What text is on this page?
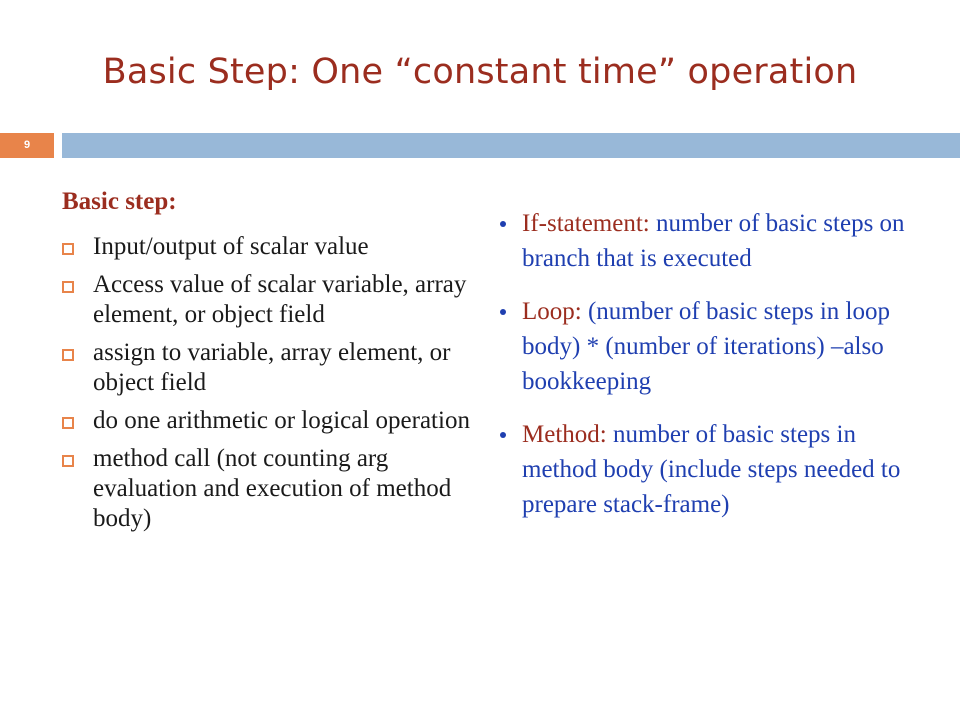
Basic Step: One “constant time” operation
9
Basic step:
Input/output of scalar value
Access value of scalar variable, array element, or object field
assign to variable, array element, or object field
do one arithmetic or logical operation
method call (not counting arg evaluation and execution of method body)
If-statement: number of basic steps on branch that is executed
Loop: (number of basic steps in loop body) * (number of iterations) –also bookkeeping
Method: number of basic steps in method body (include steps needed to prepare stack-frame)
